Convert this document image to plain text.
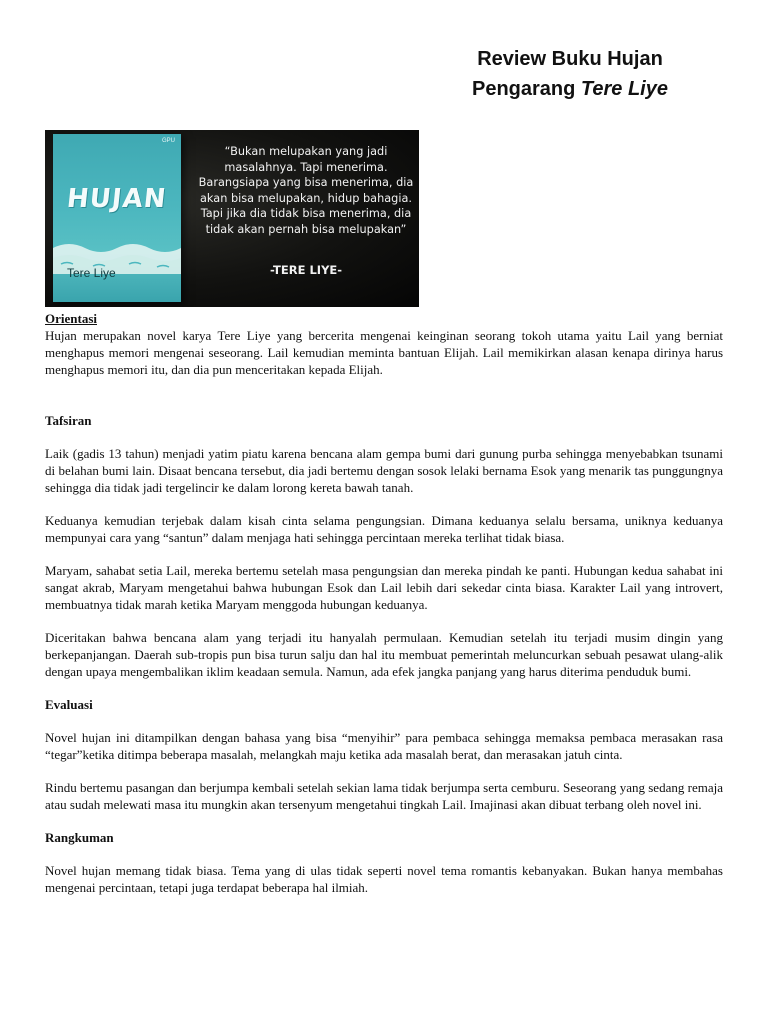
Review Buku Hujan
Pengarang Tere Liye
GPU
HUJAN
Tere Liye
“Bukan melupakan yang jadi masalahnya. Tapi menerima. Barangsiapa yang bisa menerima, dia akan bisa melupakan, hidup bahagia. Tapi jika dia tidak bisa menerima, dia tidak akan pernah bisa melupakan”
-TERE LIYE-

Orientasi

Hujan merupakan novel karya Tere Liye yang bercerita mengenai keinginan seorang tokoh utama yaitu Lail yang berniat menghapus memori mengenai seseorang. Lail kemudian meminta bantuan Elijah. Lail memikirkan alasan kenapa dirinya harus menghapus memori itu, dan dia pun menceritakan kepada Elijah.

Tafsiran

Laik (gadis 13 tahun) menjadi yatim piatu karena bencana alam gempa bumi dari gunung purba sehingga menyebabkan tsunami di belahan bumi lain. Disaat bencana tersebut, dia jadi bertemu dengan sosok lelaki bernama Esok yang menarik tas punggungnya sehingga dia tidak jadi tergelincir ke dalam lorong kereta bawah tanah.

Keduanya kemudian terjebak dalam kisah cinta selama pengungsian. Dimana keduanya selalu bersama, uniknya keduanya mempunyai cara yang “santun” dalam menjaga hati sehingga percintaan mereka terlihat tidak biasa.

Maryam, sahabat setia Lail, mereka bertemu setelah masa pengungsian dan mereka pindah ke panti. Hubungan kedua sahabat ini sangat akrab, Maryam mengetahui bahwa hubungan Esok dan Lail lebih dari sekedar cinta biasa. Karakter Lail yang introvert, membuatnya tidak marah ketika Maryam menggoda hubungan keduanya.

Diceritakan bahwa bencana alam yang terjadi itu hanyalah permulaan. Kemudian setelah itu terjadi musim dingin yang berkepanjangan. Daerah sub-tropis pun bisa turun salju dan hal itu membuat pemerintah meluncurkan sebuah pesawat ulang-alik dengan upaya mengembalikan iklim keadaan semula. Namun, ada efek jangka panjang yang harus diterima penduduk bumi.

Evaluasi

Novel hujan ini ditampilkan dengan bahasa yang bisa “menyihir” para pembaca sehingga memaksa pembaca merasakan rasa “tegar”ketika ditimpa beberapa masalah, melangkah maju ketika ada masalah berat, dan merasakan jatuh cinta.

Rindu bertemu pasangan dan berjumpa kembali setelah sekian lama tidak berjumpa serta cemburu. Seseorang yang sedang remaja atau sudah melewati masa itu mungkin akan tersenyum mengetahui tingkah Lail. Imajinasi akan dibuat terbang oleh novel ini.

Rangkuman

Novel hujan memang tidak biasa. Tema yang di ulas tidak seperti novel tema romantis kebanyakan. Bukan hanya membahas mengenai percintaan, tetapi juga terdapat beberapa hal ilmiah.
